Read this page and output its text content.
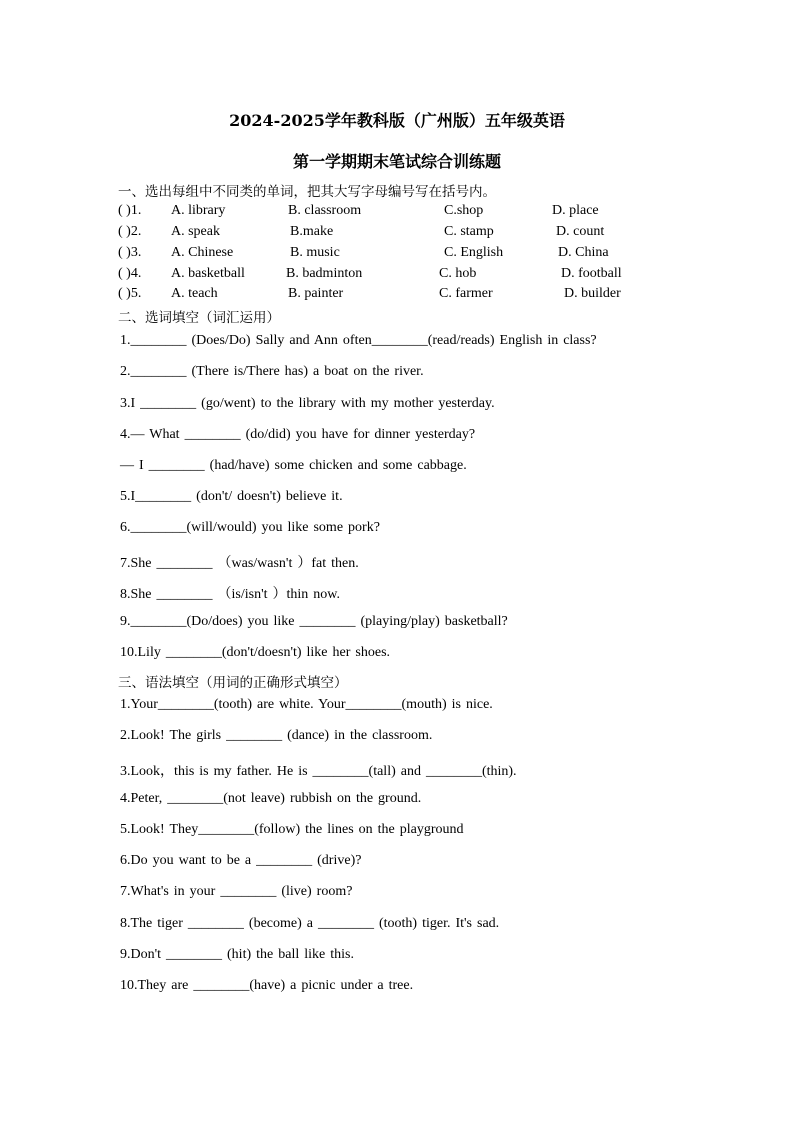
2024-2025学年教科版（广州版）五年级英语
第一学期期末笔试综合训练题
一、选出每组中不同类的单词，把其大写字母编号写在括号内。
( )1. A. library	B. classroom	C.shop	D. place
( )2. A. speak	B.make	C. stamp	D. count
( )3. A. Chinese	B. music	C. English	D. China
( )4. A. basketball	B. badminton	C. hob	D. football
( )5. A. teach	B. painter	C. farmer	D. builder
二、选词填空（词汇运用）
1.________ (Does/Do) Sally and Ann often________(read/reads) English in class?
2.________ (There is/There has) a boat on the river.
3.I ________ (go/went) to the library with my mother yesterday.
4.— What ________ (do/did) you have for dinner yesterday?
— I ________ (had/have) some chicken and some cabbage.
5.I________ (don't/ doesn't) believe it.
6.________(will/would) you like some pork?
7.She ________ （was/wasn't ）fat then.
8.She ________ （is/isn't ）thin now.
9.________(Do/does) you like ________ (playing/play) basketball?
10.Lily ________(don't/doesn't) like her shoes.
三、语法填空（用词的正确形式填空）
1.Your________(tooth) are white. Your________(mouth) is nice.
2.Look! The girls ________ (dance) in the classroom.
3.Look，this is my father. He is ________(tall) and ________(thin).
4.Peter, ________(not leave) rubbish on the ground.
5.Look! They________(follow) the lines on the playground
6.Do you want to be a ________ (drive)?
7.What's in your ________ (live) room?
8.The tiger ________ (become) a ________ (tooth) tiger. It's sad.
9.Don't ________ (hit) the ball like this.
10.They are ________(have) a picnic under a tree.
